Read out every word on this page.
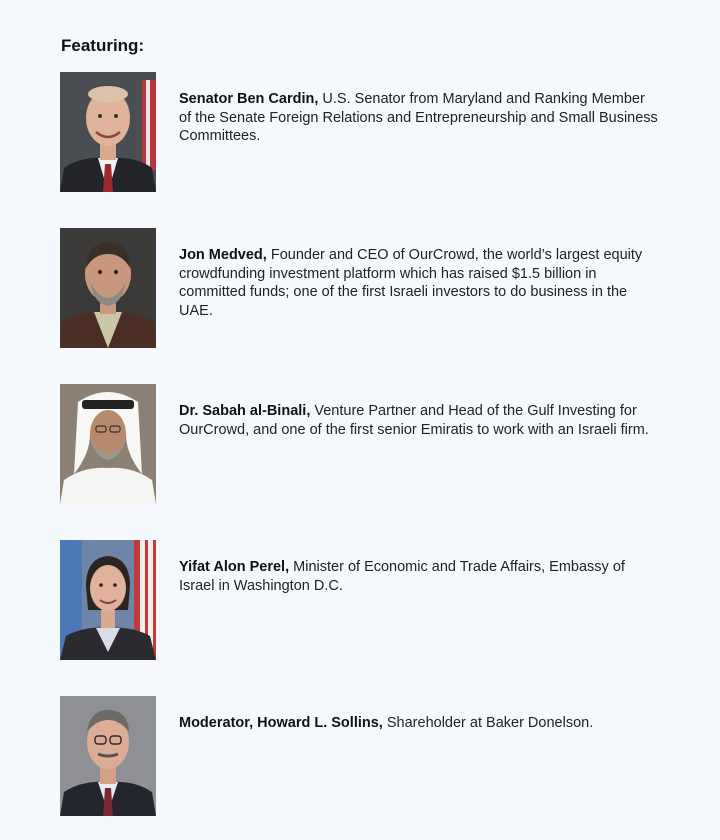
Featuring:
Senator Ben Cardin, U.S. Senator from Maryland and Ranking Member of the Senate Foreign Relations and Entrepreneurship and Small Business Committees.
Jon Medved, Founder and CEO of OurCrowd, the world’s largest equity crowdfunding investment platform which has raised $1.5 billion in committed funds; one of the first Israeli investors to do business in the UAE.
Dr. Sabah al-Binali, Venture Partner and Head of the Gulf Investing for OurCrowd, and one of the first senior Emiratis to work with an Israeli firm.
Yifat Alon Perel, Minister of Economic and Trade Affairs, Embassy of Israel in Washington D.C.
Moderator, Howard L. Sollins, Shareholder at Baker Donelson.
